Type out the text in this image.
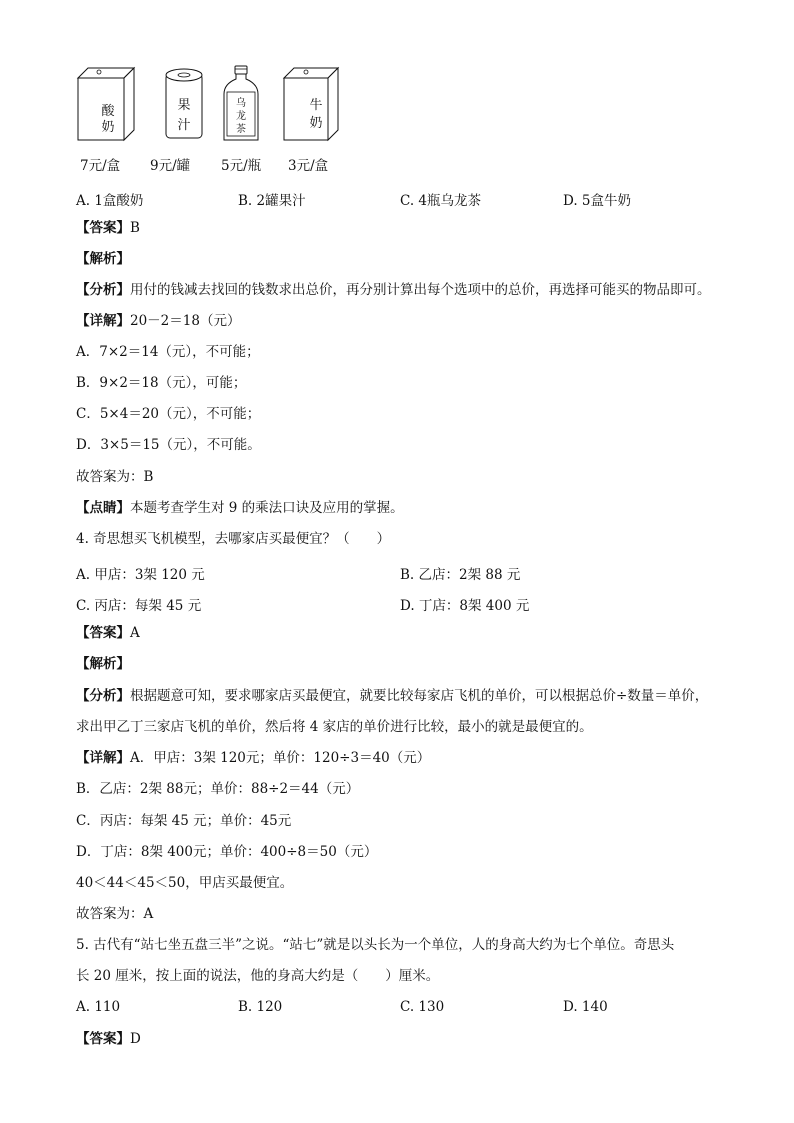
酸
奶
果
汁
乌
龙
茶
牛
奶
7元/盒 9元/罐 5元/瓶 3元/盒
A. 1盒酸奶	B. 2罐果汁	C. 4瓶乌龙茶	D. 5盒牛奶
【答案】B
【解析】
【分析】用付的钱减去找回的钱数求出总价，再分别计算出每个选项中的总价，再选择可能买的物品即可。
【详解】20－2＝18（元）
A．7×2＝14（元），不可能；
B．9×2＝18（元），可能；
C．5×4＝20（元），不可能；
D．3×5＝15（元），不可能。
故答案为：B
【点睛】本题考查学生对 9 的乘法口诀及应用的掌握。
4. 奇思想买飞机模型，去哪家店买最便宜？（　　）
A. 甲店：3架 120 元	B. 乙店：2架 88 元
C. 丙店：每架 45 元	D. 丁店：8架 400 元
【答案】A
【解析】
【分析】根据题意可知，要求哪家店买最便宜，就要比较每家店飞机的单价，可以根据总价÷数量＝单价，
求出甲乙丁三家店飞机的单价，然后将 4 家店的单价进行比较，最小的就是最便宜的。
【详解】A．甲店：3架 120元；单价：120÷3＝40（元）
B．乙店：2架 88元；单价：88÷2＝44（元）
C．丙店：每架 45 元；单价：45元
D．丁店：8架 400元；单价：400÷8＝50（元）
40＜44＜45＜50，甲店买最便宜。
故答案为：A
5. 古代有“站七坐五盘三半”之说。“站七”就是以头长为一个单位，人的身高大约为七个单位。奇思头
长 20 厘米，按上面的说法，他的身高大约是（　　）厘米。
A. 110	B. 120	C. 130	D. 140
【答案】D
